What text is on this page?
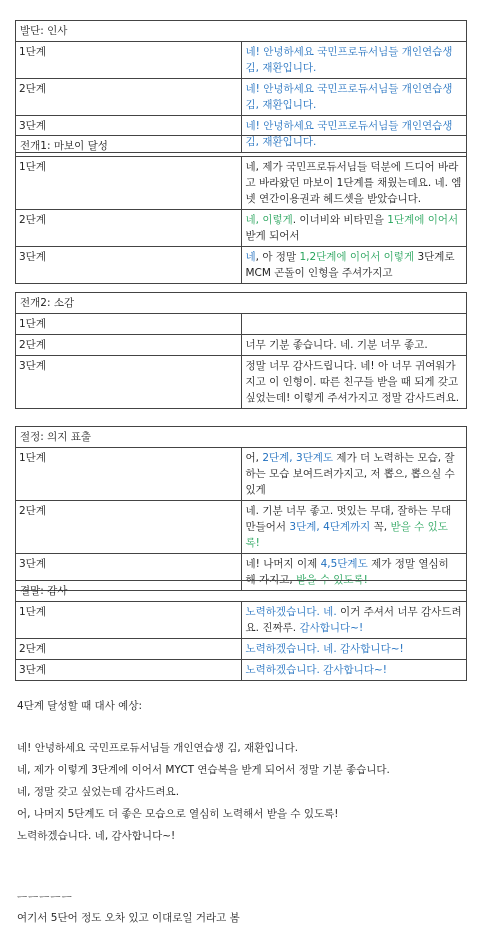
발단: 인사	
1단계	네! 안녕하세요 국민프로듀서님들 개인연습생 김, 재환입니다.
2단계	네! 안녕하세요 국민프로듀서님들 개인연습생 김, 재환입니다.
3단계	네! 안녕하세요 국민프로듀서님들 개인연습생 김, 재환입니다.
전개1: 마보이 달성	
1단계	네, 제가 국민프로듀서님들 덕분에 드디어 바라고 바라왔던 마보이 1단계를 채웠는데요. 네. 엠넷 연간이용권과 헤드셋을 받았습니다.
2단계	네, 이렇게. 이너비와 비타민을 1단계에 이어서 받게 되어서
3단계	네, 아 정말 1,2단계에 이어서 이렇게 3단계로 MCM 곤돌이 인형을 주셔가지고
전개2: 소감	
1단계	
2단계	너무 기분 좋습니다. 네. 기분 너무 좋고.
3단계	정말 너무 감사드립니다. 네! 아 너무 귀여워가지고 이 인형이. 따른 친구들 받을 때 되게 갖고 싶었는데! 이렇게 주셔가지고 정말 감사드려요.
절정: 의지 표출	
1단계	어, 2단계, 3단계도 제가 더 노력하는 모습, 잘하는 모습 보여드려가지고, 저 뽑으, 뽑으실 수 있게
2단계	네. 기분 너무 좋고. 멋있는 무대, 잘하는 무대 만들어서 3단계, 4단계까지 꼭, 받을 수 있도록!
3단계	네! 나머지 이제 4,5단계도 제가 정말 열심히 해 가지고, 받을 수 있도록!
결말: 감사	
1단계	노력하겠습니다. 네. 이거 주셔서 너무 감사드려요. 진짜루. 감사합니다~!
2단계	노력하겠습니다. 네. 감사합니다~!
3단계	노력하겠습니다. 감사합니다~!

4단계 달성할 때 대사 예상:

네! 안녕하세요 국민프로듀서님들 개인연습생 김, 재환입니다.

네, 제가 이렇게 3단계에 이어서 MYCT 연습복을 받게 되어서 정말 기분 좋습니다.

네, 정말 갖고 싶었는데 감사드려요.

어, 나머지 5단계도 더 좋은 모습으로 열심히 노력해서 받을 수 있도록!

노력하겠습니다. 네, 감사합니다~!

ㅡㅡㅡㅡㅡ

여기서 5단어 정도 오차 있고 이대로일 거라고 봄
